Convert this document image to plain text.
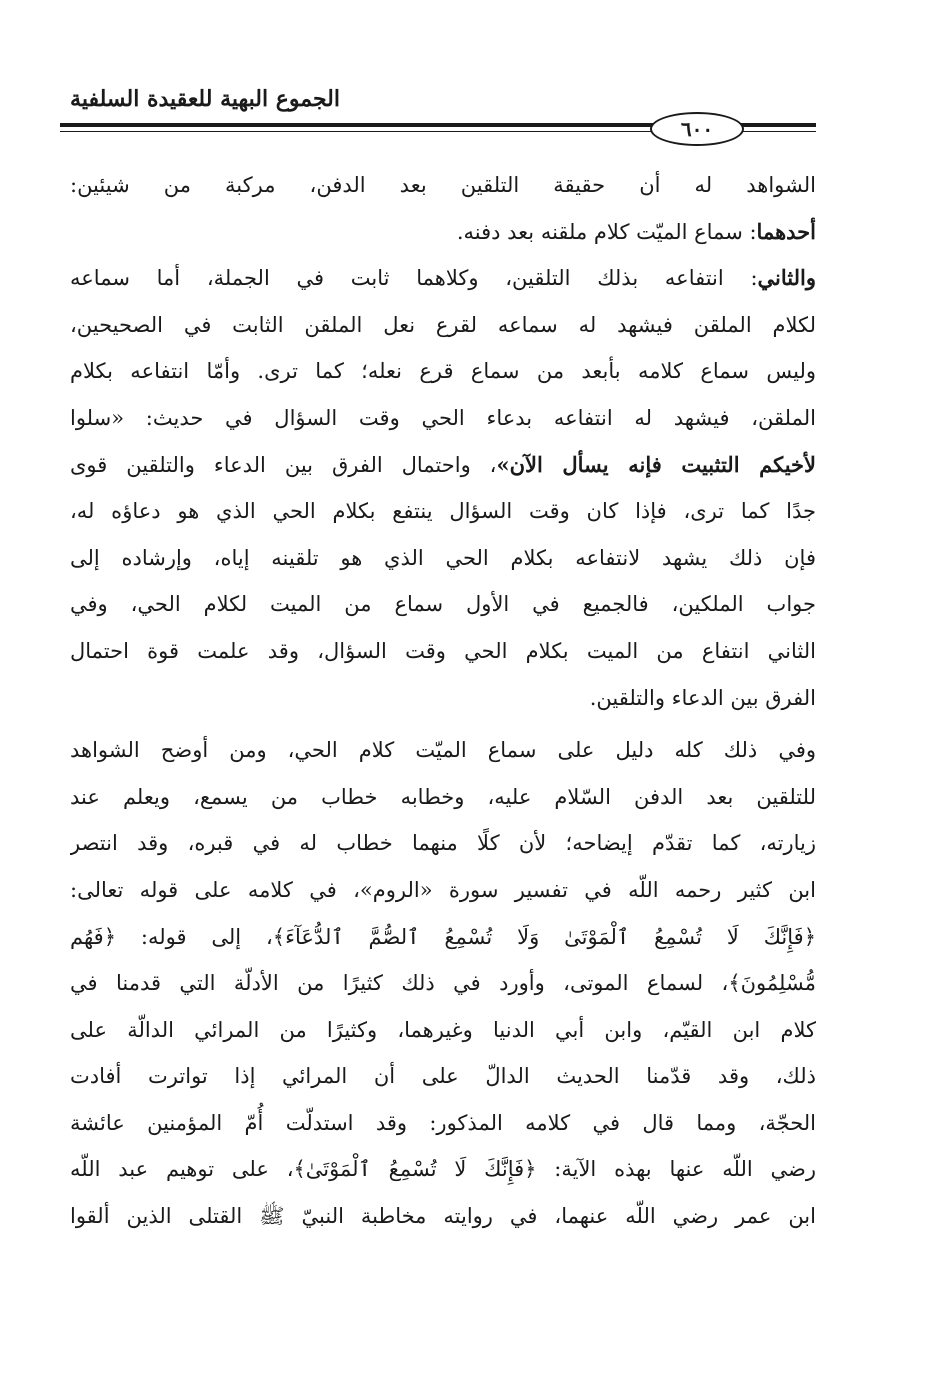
الجموع البهية للعقيدة السلفية
٦٠٠
الشواهد له أن حقيقة التلقين بعد الدفن، مركبة من شيئين:
أحدهما: سماع الميّت كلام ملقنه بعد دفنه.
والثاني: انتفاعه بذلك التلقين، وكلاهما ثابت في الجملة، أما سماعه
لكلام الملقن فيشهد له سماعه لقرع نعل الملقن الثابت في الصحيحين،
وليس سماع كلامه بأبعد من سماع قرع نعله؛ كما ترى. وأمّا انتفاعه بكلام
الملقن، فيشهد له انتفاعه بدعاء الحي وقت السؤال في حديث: «سلوا
لأخيكم التثبيت فإنه يسأل الآن»، واحتمال الفرق بين الدعاء والتلقين قوى
جدًا كما ترى، فإذا كان وقت السؤال ينتفع بكلام الحي الذي هو دعاؤه له،
فإن ذلك يشهد لانتفاعه بكلام الحي الذي هو تلقينه إياه، وإرشاده إلى
جواب الملكين، فالجميع في الأول سماع من الميت لكلام الحي، وفي
الثاني انتفاع من الميت بكلام الحي وقت السؤال، وقد علمت قوة احتمال
الفرق بين الدعاء والتلقين.
وفي ذلك كله دليل على سماع الميّت كلام الحي، ومن أوضح الشواهد
للتلقين بعد الدفن السّلام عليه، وخطابه خطاب من يسمع، ويعلم عند
زيارته، كما تقدّم إيضاحه؛ لأن كلًا منهما خطاب له في قبره، وقد انتصر
ابن كثير رحمه اللّه في تفسير سورة «الروم»، في كلامه على قوله تعالى:
﴿فَإِنَّكَ لَا تُسْمِعُ ٱلْمَوْتَىٰ وَلَا تُسْمِعُ ٱلصُّمَّ ٱلدُّعَآءَ﴾، إلى قوله: ﴿فَهُم
مُّسْلِمُونَ﴾، لسماع الموتى، وأورد في ذلك كثيرًا من الأدلّة التي قدمنا في
كلام ابن القيّم، وابن أبي الدنيا وغيرهما، وكثيرًا من المرائي الدالّة على
ذلك، وقد قدّمنا الحديث الدالّ على أن المرائي إذا تواترت أفادت
الحجّة، ومما قال في كلامه المذكور: وقد استدلّت أُمّ المؤمنين عائشة
رضي اللّه عنها بهذه الآية: ﴿فَإِنَّكَ لَا تُسْمِعُ ٱلْمَوْتَىٰ﴾، على توهيم عبد اللّه
ابن عمر رضي اللّه عنهما، في روايته مخاطبة النبيّ ﷺ القتلى الذين ألقوا
